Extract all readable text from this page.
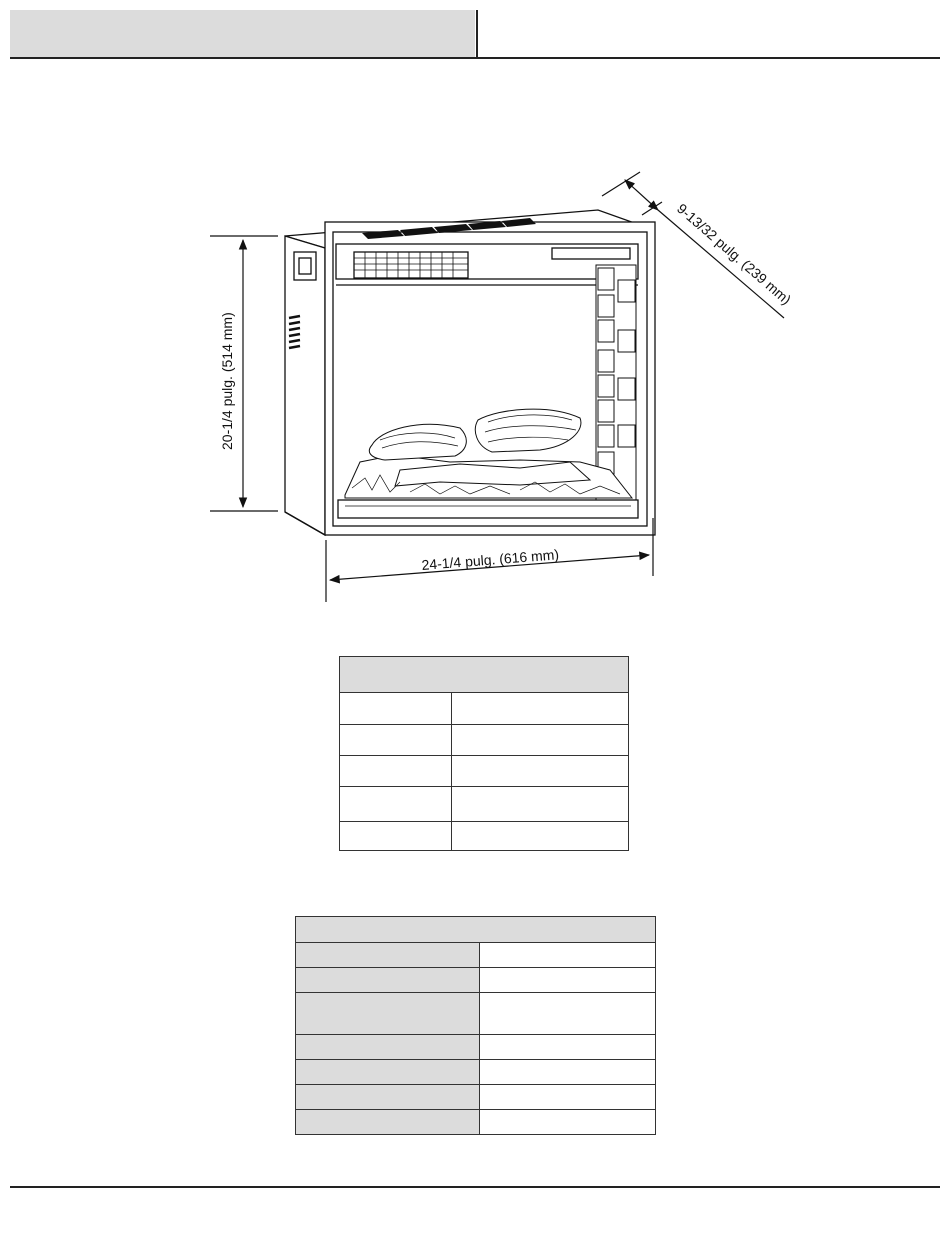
20-1/4 pulg. (514 mm)
24-1/4 pulg. (616 mm)
9-13/32 pulg. (239 mm)
